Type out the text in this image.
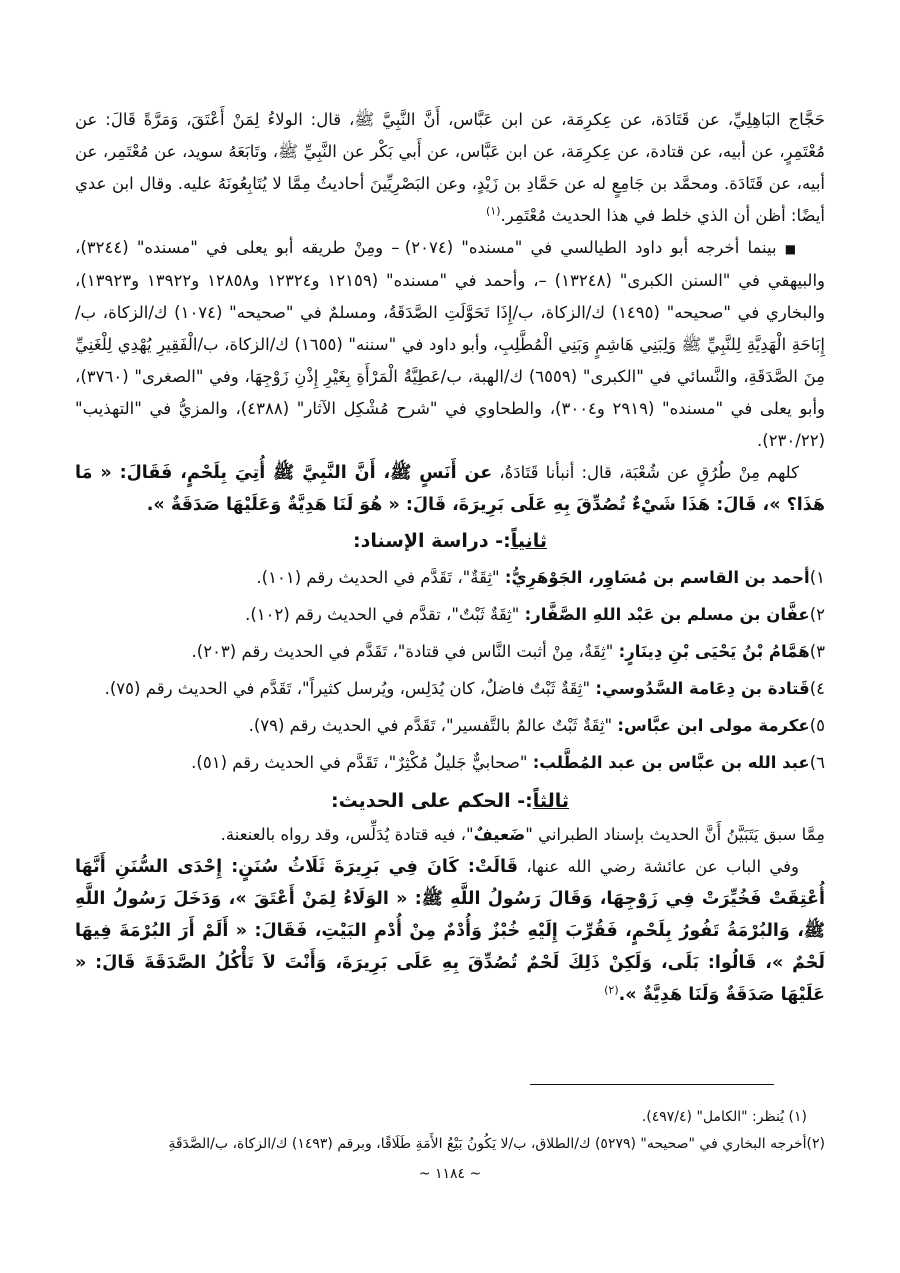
حَجَّاج البَاهِلِيِّ، عن قَتَادَة، عن عِكرِمَة، عن ابن عَبَّاس، أَنَّ النَّبِيَّ ﷺ، قال: الولاءُ لِمَنْ أَعْتَقَ، وَمَرَّةً قَالَ: عن مُعْتَمِرٍ، عن أبيه، عن قتادة، عن عِكرِمَة، عن ابن عَبَّاس، عن أَبي بَكْر عن النَّبِيِّ ﷺ، وتَابَعَهُ سويد، عن مُعْتَمِر، عن أبيه، عن قَتَادَة. ومحمَّد بن جَامِعٍ له عن حَمَّادِ بن زَيْدٍ، وعن البَصْرِيِّينَ أحاديثُ مِمَّا لا يُتَابِعُونَهُ عليه. وقال ابن عدي أيضًا: أظن أن الذي خلط في هذا الحديث مُعْتَمِر.$^{(١)}$

■ بينما أخرجه أبو داود الطيالسي في "مسنده" (٢٠٧٤) – ومِنْ طريقه أبو يعلى في "مسنده" (٣٢٤٤)، والبيهقي في "السنن الكبرى" (١٣٢٤٨) –، وأحمد في "مسنده" (١٢١٥٩ و١٢٣٢٤ و١٢٨٥٨ و١٣٩٢٢ و١٣٩٢٣)، والبخاري في "صحيحه" (١٤٩٥) ك/الزكاة، ب/إِذَا تَحَوَّلَتِ الصَّدَقَةُ، ومسلمٌ في "صحيحه" (١٠٧٤) ك/الزكاة، ب/إِبَاحَةِ الْهَدِيَّةِ لِلنَّبِيِّ ﷺ وَلِبَنِي هَاشِمٍ وَبَنِي الْمُطَّلِبِ، وأبو داود في "سننه" (١٦٥٥) ك/الزكاة، ب/الْفَقِيرِ يُهْدِي لِلْغَنِيِّ مِنَ الصَّدَقَةِ، والنَّسائي في "الكبرى" (٦٥٥٩) ك/الهبة، ب/عَطِيَّةُ الْمَرْأَةِ بِغَيْرِ إِذْنِ زَوْجِهَا، وفي "الصغرى" (٣٧٦٠)، وأبو يعلى في "مسنده" (٢٩١٩ و٣٠٠٤)، والطحاوي في "شرح مُشْكِل الآثار" (٤٣٨٨)، والمزيُّ في "التهذيب" (٢٣٠/٢٢).

كلهم مِنْ طُرُقٍ عن شُعْبَة، قال: أنبأنا قَتَادَةُ، عن أَنَسٍ ﷺ، أَنَّ النَّبِيَّ ﷺ أُتِيَ بِلَحْمٍ، فَقَالَ: « مَا هَذَا؟ »، قَالَ: هَذَا شَيْءٌ تُصُدِّقَ بِهِ عَلَى بَرِيرَةَ، قَالَ: « هُوَ لَنَا هَدِيَّةٌ وَعَلَيْهَا صَدَقَةٌ ».

ثانياً:- دراسة الإسناد:

١)أحمد بن القاسم بن مُسَاوِر، الجَوْهَرِيُّ: "ثِقَةٌ"، تَقَدَّم في الحديث رقم (١٠١).

٢)عفَّان بن مسلم بن عَبْد اللهِ الصَّفَّار: "ثِقَةٌ ثَبْتٌ"، تقدَّم في الحديث رقم (١٠٢).

٣)هَمَّامُ بْنُ يَحْيَى بْنِ دِينَارٍ: "ثِقَةٌ، مِنْ أثبت النَّاس في قتادة"، تَقَدَّم في الحديث رقم (٢٠٣).

٤)قَتادة بن دِعَامة السَّدُوسي: "ثِقَةٌ ثَبْتٌ فاضلٌ، كان يُدَلِس، ويُرسل كثيراً"، تَقَدَّم في الحديث رقم (٧٥).

٥)عكرمة مولى ابن عبَّاس: "ثِقَةٌ ثَبْتٌ عالمٌ بالتَّفسير"، تَقَدَّم في الحديث رقم (٧٩).

٦)عبد الله بن عبَّاس بن عبد المُطَّلب: "صحابيٌّ جَليلٌ مُكْثِرٌ"، تَقَدَّم في الحديث رقم (٥١).

ثالثاً:- الحكم على الحديث:

مِمَّا سبق يَتَبَيَّنُ أَنَّ الحديث بإسناد الطبراني "ضَعيفٌ"، فيه قتادة يُدَلِّس، وقد رواه بالعنعنة.

وفي الباب عن عائشة رضي الله عنها، قَالَتْ: كَانَ فِي بَرِيرَةَ ثَلَاثُ سُنَنٍ: إِحْدَى السُّنَنِ أَنَّهَا أُعْتِقَتْ فَخُيِّرَتْ فِي زَوْجِهَا، وَقَالَ رَسُولُ اللَّهِ ﷺ: « الوَلَاءُ لِمَنْ أَعْتَقَ »، وَدَخَلَ رَسُولُ اللَّهِ ﷺ، وَالبُرْمَةُ تَفُورُ بِلَحْمٍ، فَقُرِّبَ إِلَيْهِ خُبْزٌ وَأُدْمٌ مِنْ أُدْمِ البَيْتِ، فَقَالَ: « أَلَمْ أَرَ البُرْمَةَ فِيهَا لَحْمٌ »، قَالُوا: بَلَى، وَلَكِنْ ذَلِكَ لَحْمٌ تُصُدِّقَ بِهِ عَلَى بَرِيرَةَ، وَأَنْتَ لاَ تَأْكُلُ الصَّدَقَةَ قَالَ: « عَلَيْهَا صَدَقَةٌ وَلَنَا هَدِيَّةٌ ».$^{(٢)}$

(١) يُنظر: "الكامل" (٤٩٧/٤).

(٢)أخرجه البخاري في "صحيحه" (٥٢٧٩) ك/الطلاق، ب/لا يَكُونُ بَيْعُ الأَمَةِ طَلَاقًا، وبرقم (١٤٩٣) ك/الزكاة، ب/الصَّدَقَةِ

~ ١١٨٤ ~
